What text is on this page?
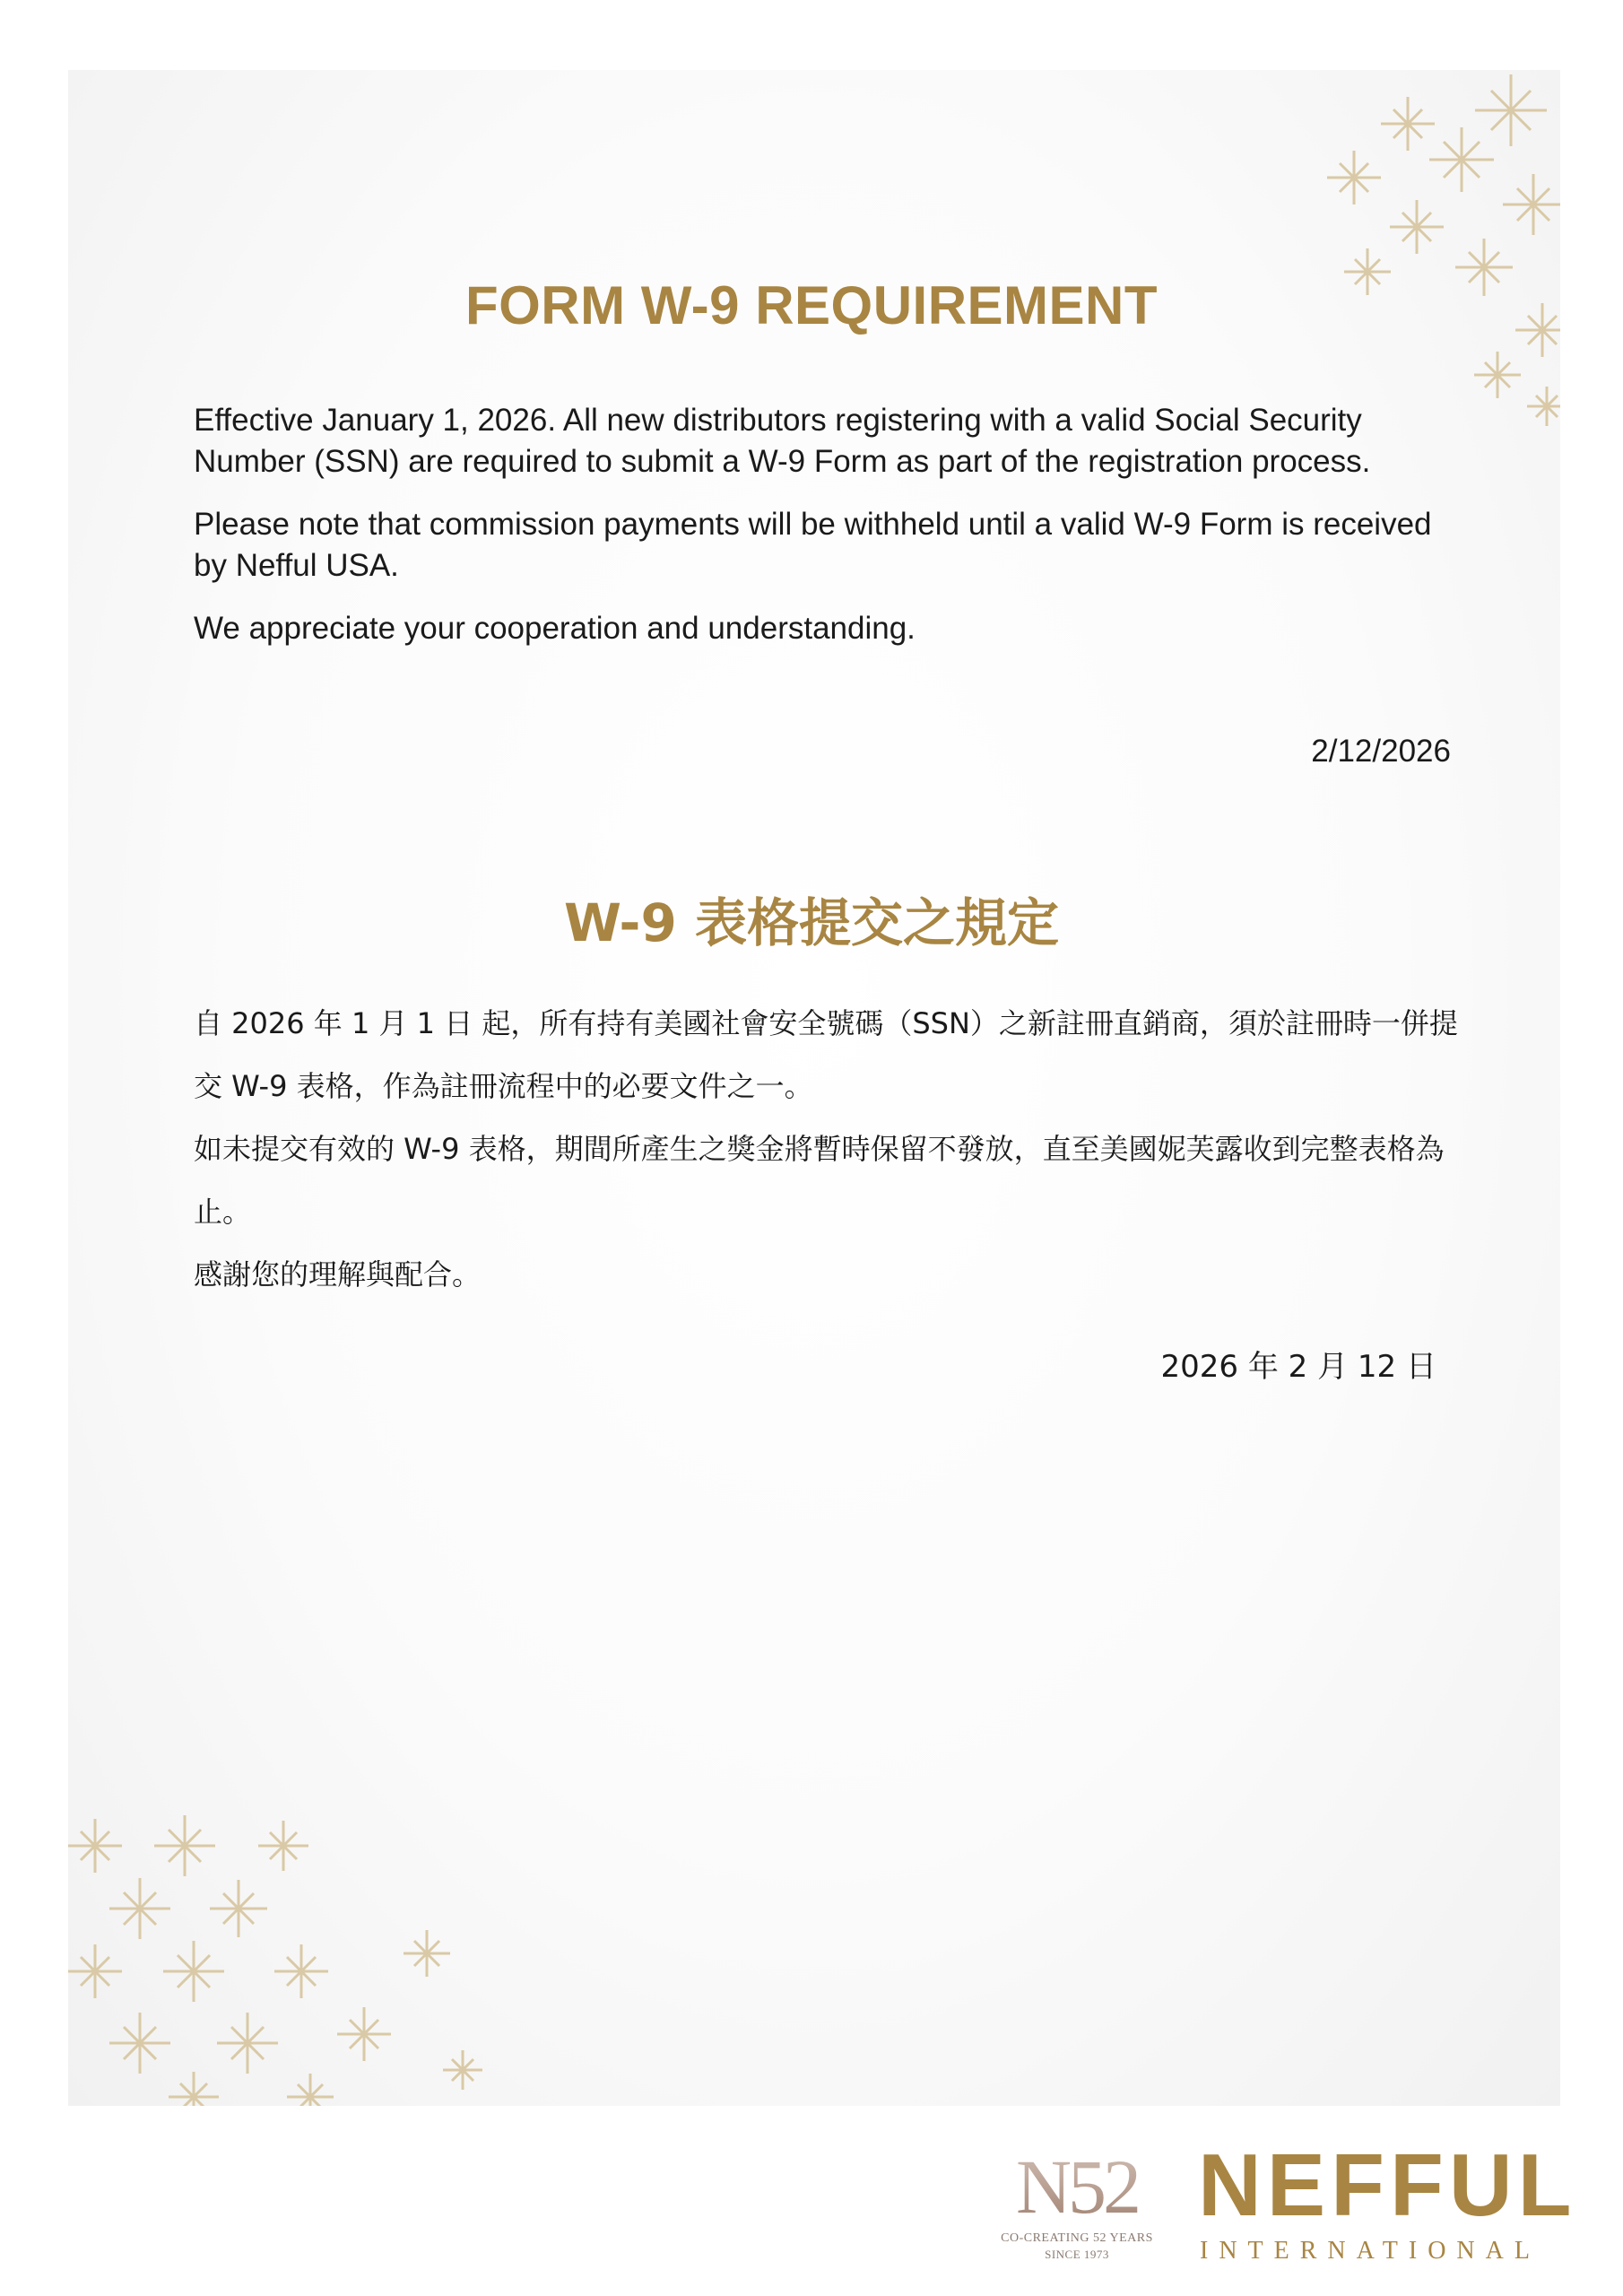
FORM W-9 REQUIREMENT

Effective January 1, 2026. All new distributors registering with a valid Social Security Number (SSN) are required to submit a W-9 Form as part of the registration process.

Please note that commission payments will be withheld until a valid W-9 Form is received by Nefful USA.

We appreciate your cooperation and understanding.

2/12/2026

W-9 表格提交之規定

自 2026 年 1 月 1 日 起，所有持有美國社會安全號碼（SSN）之新註冊直銷商，須於註冊時一併提交 W-9 表格，作為註冊流程中的必要文件之一。

如未提交有效的 W-9 表格，期間所產生之獎金將暫時保留不發放，直至美國妮芙露收到完整表格為止。

感謝您的理解與配合。

2026 年 2 月 12 日

N52

CO-CREATING 52 YEARS

SINCE 1973

NEFFUL

INTERNATIONAL
